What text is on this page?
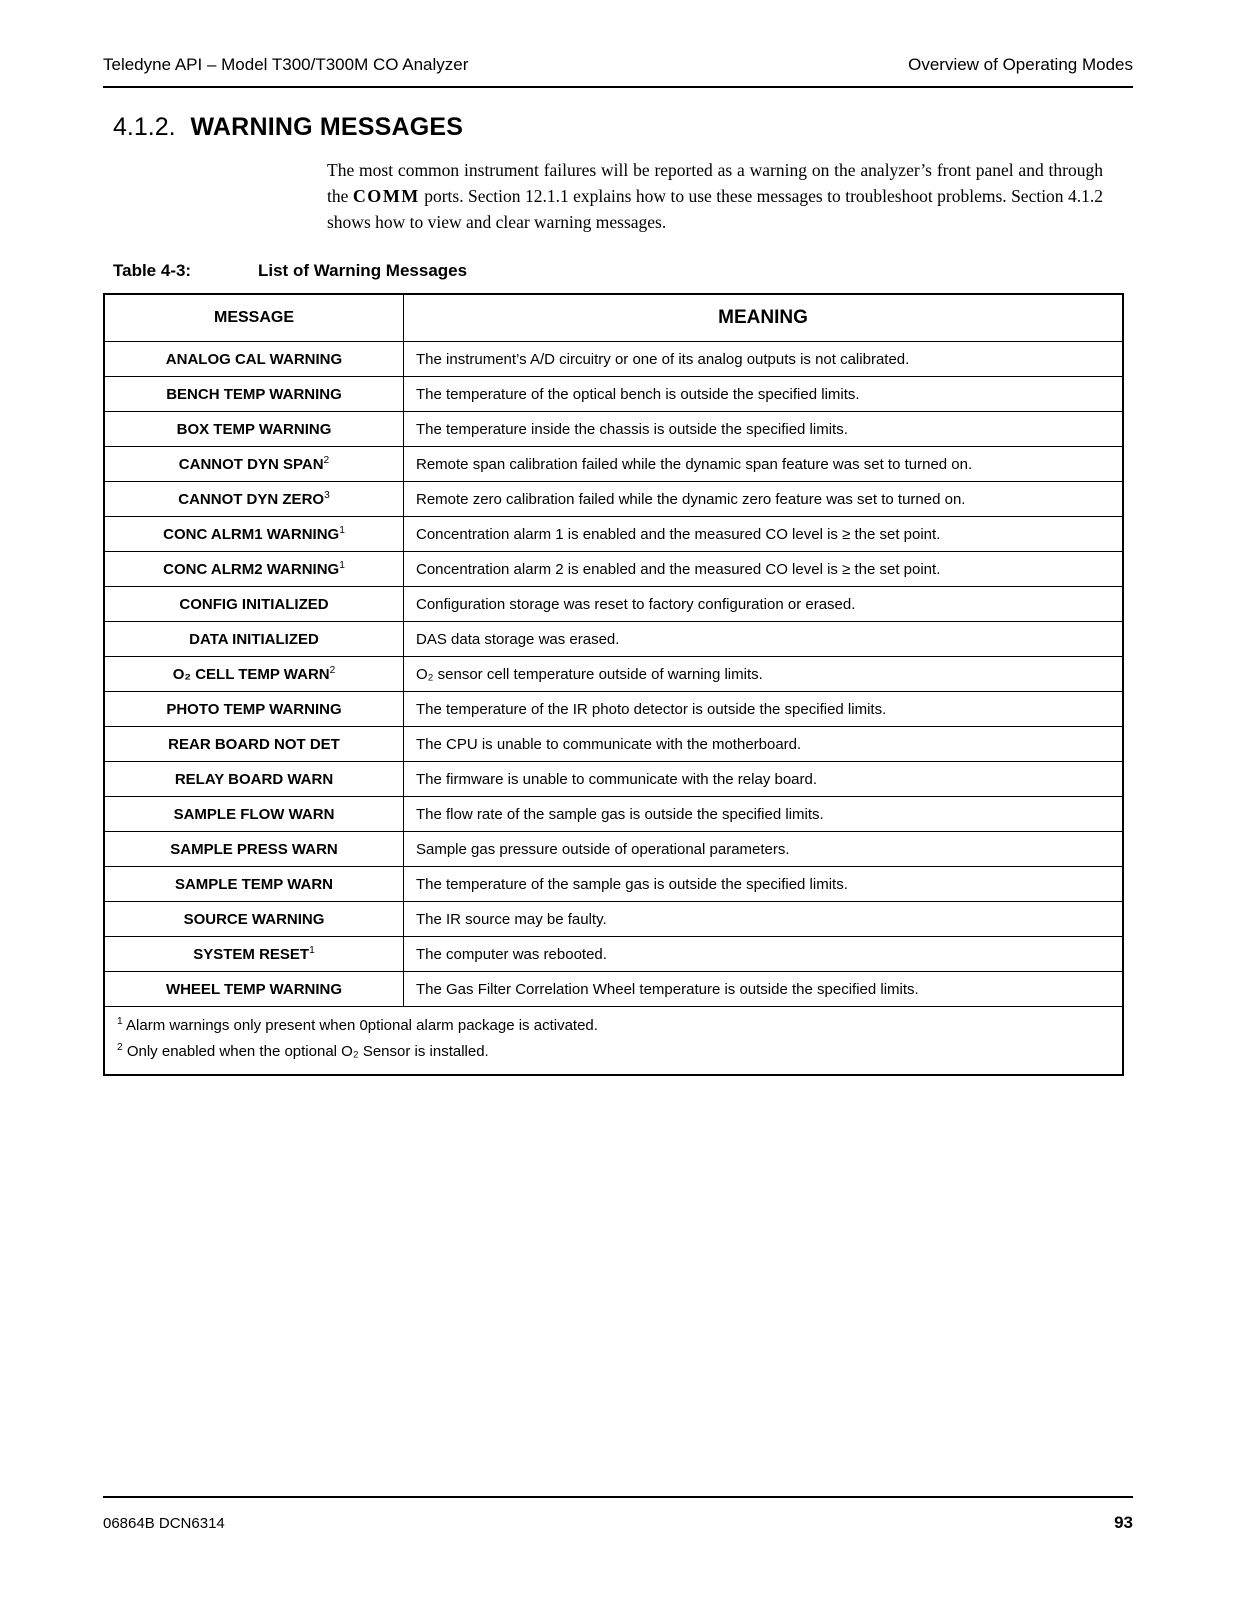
Teledyne API – Model T300/T300M CO Analyzer	Overview of Operating Modes
4.1.2. WARNING MESSAGES

The most common instrument failures will be reported as a warning on the analyzer’s front panel and through the COMM ports. Section 12.1.1 explains how to use these messages to troubleshoot problems. Section 4.1.2 shows how to view and clear warning messages.

Table 4-3:	List of Warning Messages
MESSAGE	MEANING
ANALOG CAL WARNING	The instrument’s A/D circuitry or one of its analog outputs is not calibrated.
BENCH TEMP WARNING	The temperature of the optical bench is outside the specified limits.
BOX TEMP WARNING	The temperature inside the chassis is outside the specified limits.
CANNOT DYN SPAN$^2$	Remote span calibration failed while the dynamic span feature was set to turned on.
CANNOT DYN ZERO$^3$	Remote zero calibration failed while the dynamic zero feature was set to turned on.
CONC ALRM1 WARNING$^1$	Concentration alarm 1 is enabled and the measured CO level is ≥ the set point.
CONC ALRM2 WARNING$^1$	Concentration alarm 2 is enabled and the measured CO level is ≥ the set point.
CONFIG INITIALIZED	Configuration storage was reset to factory configuration or erased.
DATA INITIALIZED	DAS data storage was erased.
O₂ CELL TEMP WARN$^2$	O₂ sensor cell temperature outside of warning limits.
PHOTO TEMP WARNING	The temperature of the IR photo detector is outside the specified limits.
REAR BOARD NOT DET	The CPU is unable to communicate with the motherboard.
RELAY BOARD WARN	The firmware is unable to communicate with the relay board.
SAMPLE FLOW WARN	The flow rate of the sample gas is outside the specified limits.
SAMPLE PRESS WARN	Sample gas pressure outside of operational parameters.
SAMPLE TEMP WARN	The temperature of the sample gas is outside the specified limits.
SOURCE WARNING	The IR source may be faulty.
SYSTEM RESET$^1$	The computer was rebooted.
WHEEL TEMP WARNING	The Gas Filter Correlation Wheel temperature is outside the specified limits.

$^1$ Alarm warnings only present when 0ptional alarm package is activated.
$^2$ Only enabled when the optional O₂ Sensor is installed.	
06864B DCN6314	93
